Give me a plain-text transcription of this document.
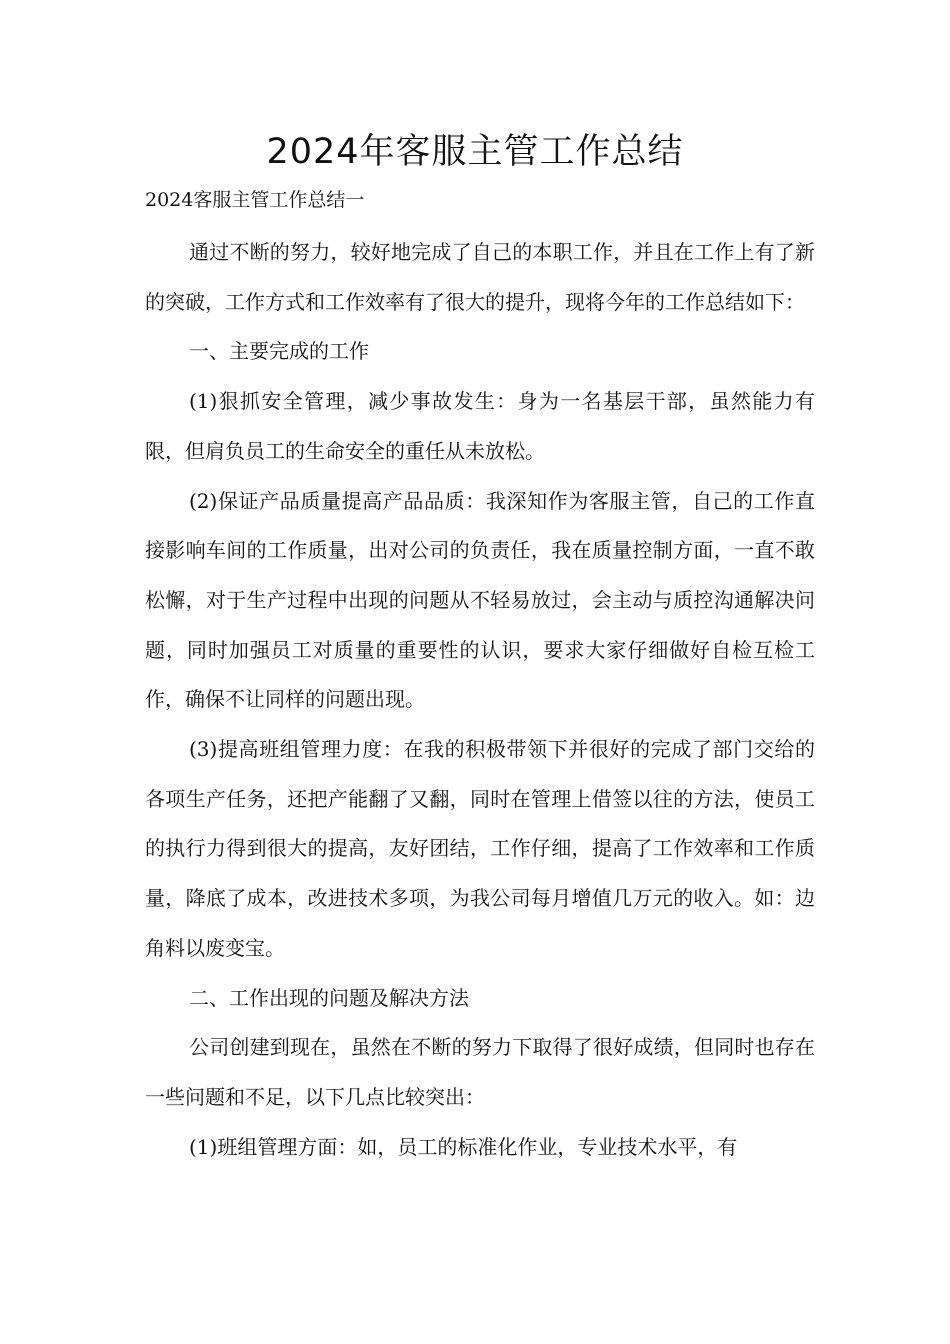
2024年客服主管工作总结
2024客服主管工作总结一

通过不断的努力，较好地完成了自己的本职工作，并且在工作上有了新的突破，工作方式和工作效率有了很大的提升，现将今年的工作总结如下：

一、主要完成的工作

(1)狠抓安全管理，减少事故发生：身为一名基层干部，虽然能力有限，但肩负员工的生命安全的重任从未放松。

(2)保证产品质量提高产品品质：我深知作为客服主管，自己的工作直接影响车间的工作质量，出对公司的负责任，我在质量控制方面，一直不敢松懈，对于生产过程中出现的问题从不轻易放过，会主动与质控沟通解决问题，同时加强员工对质量的重要性的认识，要求大家仔细做好自检互检工作，确保不让同样的问题出现。

(3)提高班组管理力度：在我的积极带领下并很好的完成了部门交给的各项生产任务，还把产能翻了又翻，同时在管理上借签以往的方法，使员工的执行力得到很大的提高，友好团结，工作仔细，提高了工作效率和工作质量，降底了成本，改进技术多项，为我公司每月增值几万元的收入。如：边角料以废变宝。

二、工作出现的问题及解决方法

公司创建到现在，虽然在不断的努力下取得了很好成绩，但同时也存在一些问题和不足，以下几点比较突出：

(1)班组管理方面：如，员工的标准化作业，专业技术水平，有
